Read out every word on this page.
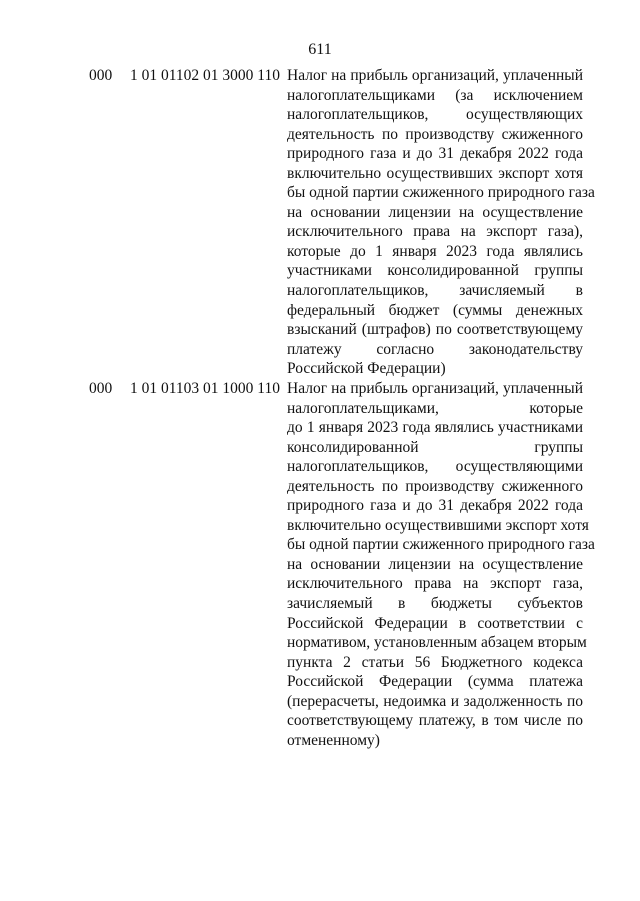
611
000 1 01 01102 01 3000 110 Налог на прибыль организаций, уплаченный
налогоплательщиками (за исключением
налогоплательщиков, осуществляющих
деятельность по производству сжиженного
природного газа и до 31 декабря 2022 года
включительно осуществивших экспорт хотя
бы одной партии сжиженного природного газа
на основании лицензии на осуществление
исключительного права на экспорт газа),
которые до 1 января 2023 года являлись
участниками консолидированной группы
налогоплательщиков, зачисляемый в
федеральный бюджет (суммы денежных
взысканий (штрафов) по соответствующему
платежу согласно законодательству
Российской Федерации)
000 1 01 01103 01 1000 110 Налог на прибыль организаций, уплаченный
налогоплательщиками, которые
до 1 января 2023 года являлись участниками
консолидированной группы
налогоплательщиков, осуществляющими
деятельность по производству сжиженного
природного газа и до 31 декабря 2022 года
включительно осуществившими экспорт хотя
бы одной партии сжиженного природного газа
на основании лицензии на осуществление
исключительного права на экспорт газа,
зачисляемый в бюджеты субъектов
Российской Федерации в соответствии с
нормативом, установленным абзацем вторым
пункта 2 статьи 56 Бюджетного кодекса
Российской Федерации (сумма платежа
(перерасчеты, недоимка и задолженность по
соответствующему платежу, в том числе по
отмененному)
